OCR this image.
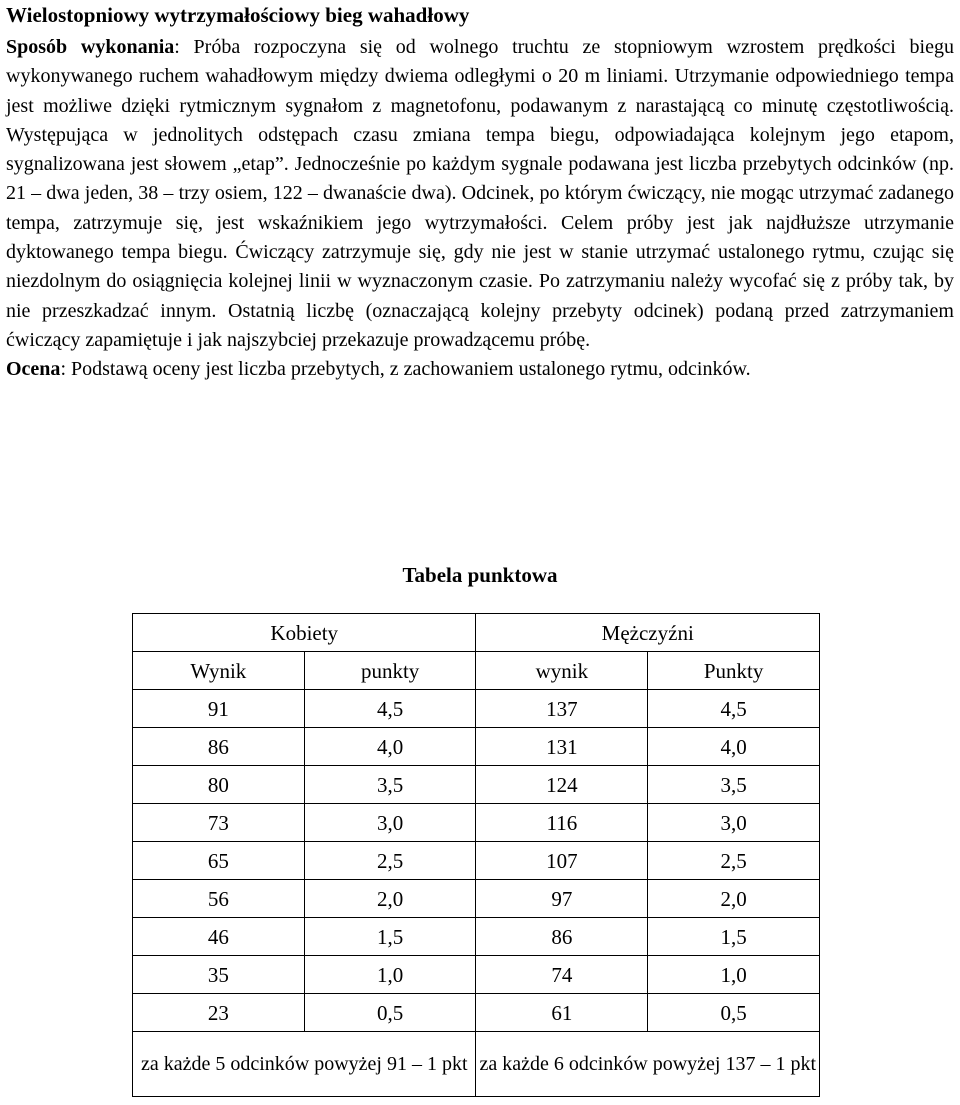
Wielostopniowy wytrzymałościowy bieg wahadłowy

Sposób wykonania: Próba rozpoczyna się od wolnego truchtu ze stopniowym wzrostem prędkości biegu wykonywanego ruchem wahadłowym między dwiema odległymi o 20 m liniami. Utrzymanie odpowiedniego tempa jest możliwe dzięki rytmicznym sygnałom z magnetofonu, podawanym z narastającą co minutę częstotliwością. Występująca w jednolitych odstępach czasu zmiana tempa biegu, odpowiadająca kolejnym jego etapom, sygnalizowana jest słowem „etap”. Jednocześnie po każdym sygnale podawana jest liczba przebytych odcinków (np. 21 – dwa jeden, 38 – trzy osiem, 122 – dwanaście dwa). Odcinek, po którym ćwiczący, nie mogąc utrzymać zadanego tempa, zatrzymuje się, jest wskaźnikiem jego wytrzymałości. Celem próby jest jak najdłuższe utrzymanie dyktowanego tempa biegu. Ćwiczący zatrzymuje się, gdy nie jest w stanie utrzymać ustalonego rytmu, czując się niezdolnym do osiągnięcia kolejnej linii w wyznaczonym czasie. Po zatrzymaniu należy wycofać się z próby tak, by nie przeszkadzać innym. Ostatnią liczbę (oznaczającą kolejny przebyty odcinek) podaną przed zatrzymaniem ćwiczący zapamiętuje i jak najszybciej przekazuje prowadzącemu próbę.
Ocena: Podstawą oceny jest liczba przebytych, z zachowaniem ustalonego rytmu, odcinków.

Tabela punktowa

Kobiety		Mężczyźni	
Wynik	punkty	wynik	Punkty
91	4,5	137	4,5
86	4,0	131	4,0
80	3,5	124	3,5
73	3,0	116	3,0
65	2,5	107	2,5
56	2,0	97	2,0
46	1,5	86	1,5
35	1,0	74	1,0
23	0,5	61	0,5
za każde 5 odcinków powyżej 91 – 1 pkt		za każde 6 odcinków powyżej 137 – 1 pkt	
